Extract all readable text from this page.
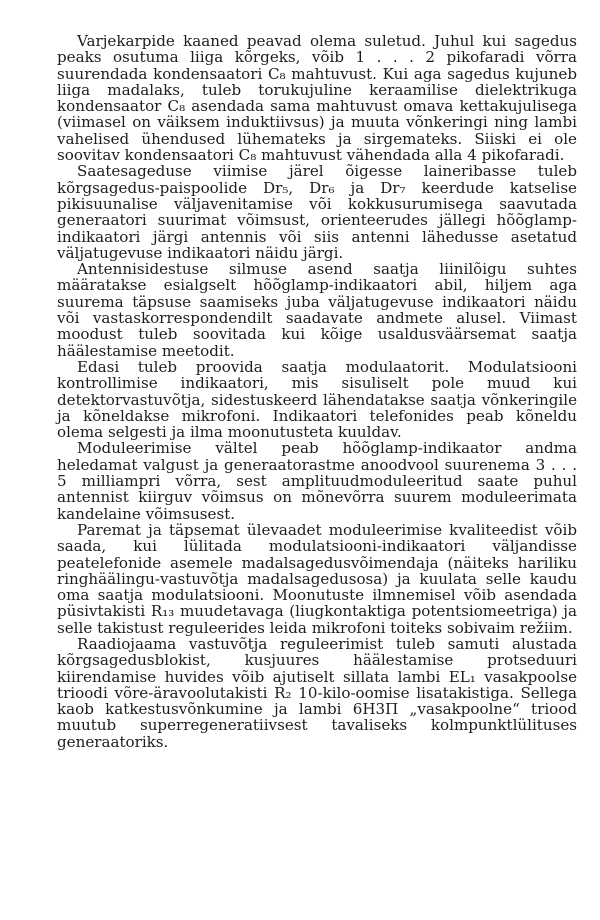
Varjekarpide kaaned peavad olema suletud. Juhul kui sagedus peaks osutuma liiga kõrgeks, võib 1 . . . 2 pikofaradi võrra suurendada kondensaatori C₈ mahtuvust. Kui aga sagedus kujuneb liiga madalaks, tuleb torukujuline keraamilise dielektrikuga kondensaator C₈ asendada sama mahtuvust omava kettakujulisega (viimasel on väiksem induktiivsus) ja muuta võnkeringi ning lambi vahelised ühendused lühemateks ja sirgemateks. Siiski ei ole soovitav kondensaatori C₈ mahtuvust vähendada alla 4 pikofaradi.

Saatesageduse viimise järel õigesse laineribasse tuleb kõrgsagedus-paispoolide Dr₅, Dr₆ ja Dr₇ keerdude katselise pikisuunalise väljavenitamise või kokkusurumisega saavutada generaatori suurimat võimsust, orienteerudes jällegi hõõglamp-indikaatori järgi antennis või siis antenni lähedusse asetatud väljatugevuse indikaatori näidu järgi.

Antennisidestuse silmuse asend saatja liinilõigu suhtes määratakse esialgselt hõõglamp-indikaatori abil, hiljem aga suurema täpsuse saamiseks juba väljatugevuse indikaatori näidu või vastaskorrespondendilt saadavate andmete alusel. Viimast moodust tuleb soovitada kui kõige usaldusväärsemat saatja häälestamise meetodit.

Edasi tuleb proovida saatja modulaatorit. Modulatsiooni kontrollimise indikaatori, mis sisuliselt pole muud kui detektorvastuvõtja, sidestuskeerd lähendatakse saatja võnkeringile ja kõneldakse mikrofoni. Indikaatori telefonides peab kõneldu olema selgesti ja ilma moonutusteta kuuldav.

Moduleerimise vältel peab hõõglamp-indikaator andma heledamat valgust ja generaatorastme anoodvool suurenema 3 . . . 5 milliampri võrra, sest amplituudmoduleeritud saate puhul antennist kiirguv võimsus on mõnevõrra suurem moduleerimata kandelaine võimsusest.

Paremat ja täpsemat ülevaadet moduleerimise kvaliteedist võib saada, kui lülitada modulatsiooni-indikaatori väljandisse peatelefonide asemele madalsagedusvõimendaja (näiteks hariliku ringhäälingu-vastuvõtja madalsagedusosa) ja kuulata selle kaudu oma saatja modulatsiooni. Moonutuste ilmnemisel võib asendada püsivtakisti R₁₃ muudetavaga (liugkontaktiga potentsiomeetriga) ja selle takistust reguleerides leida mikrofoni toiteks sobivaim režiim.

Raadiojaama vastuvõtja reguleerimist tuleb samuti alustada kõrgsagedusblokist, kusjuures häälestamise protseduuri kiirendamise huvides võib ajutiselt sillata lambi EL₁ vasakpoolse trioodi võre-äravoolutakisti R₂ 10-kilo-oomise lisatakistiga. Sellega kaob katkestusvõnkumine ja lambi 6Н3П „vasakpoolne“ triood muutub superregeneratiivsest tavaliseks kolmpunktlülituses generaatoriks.
